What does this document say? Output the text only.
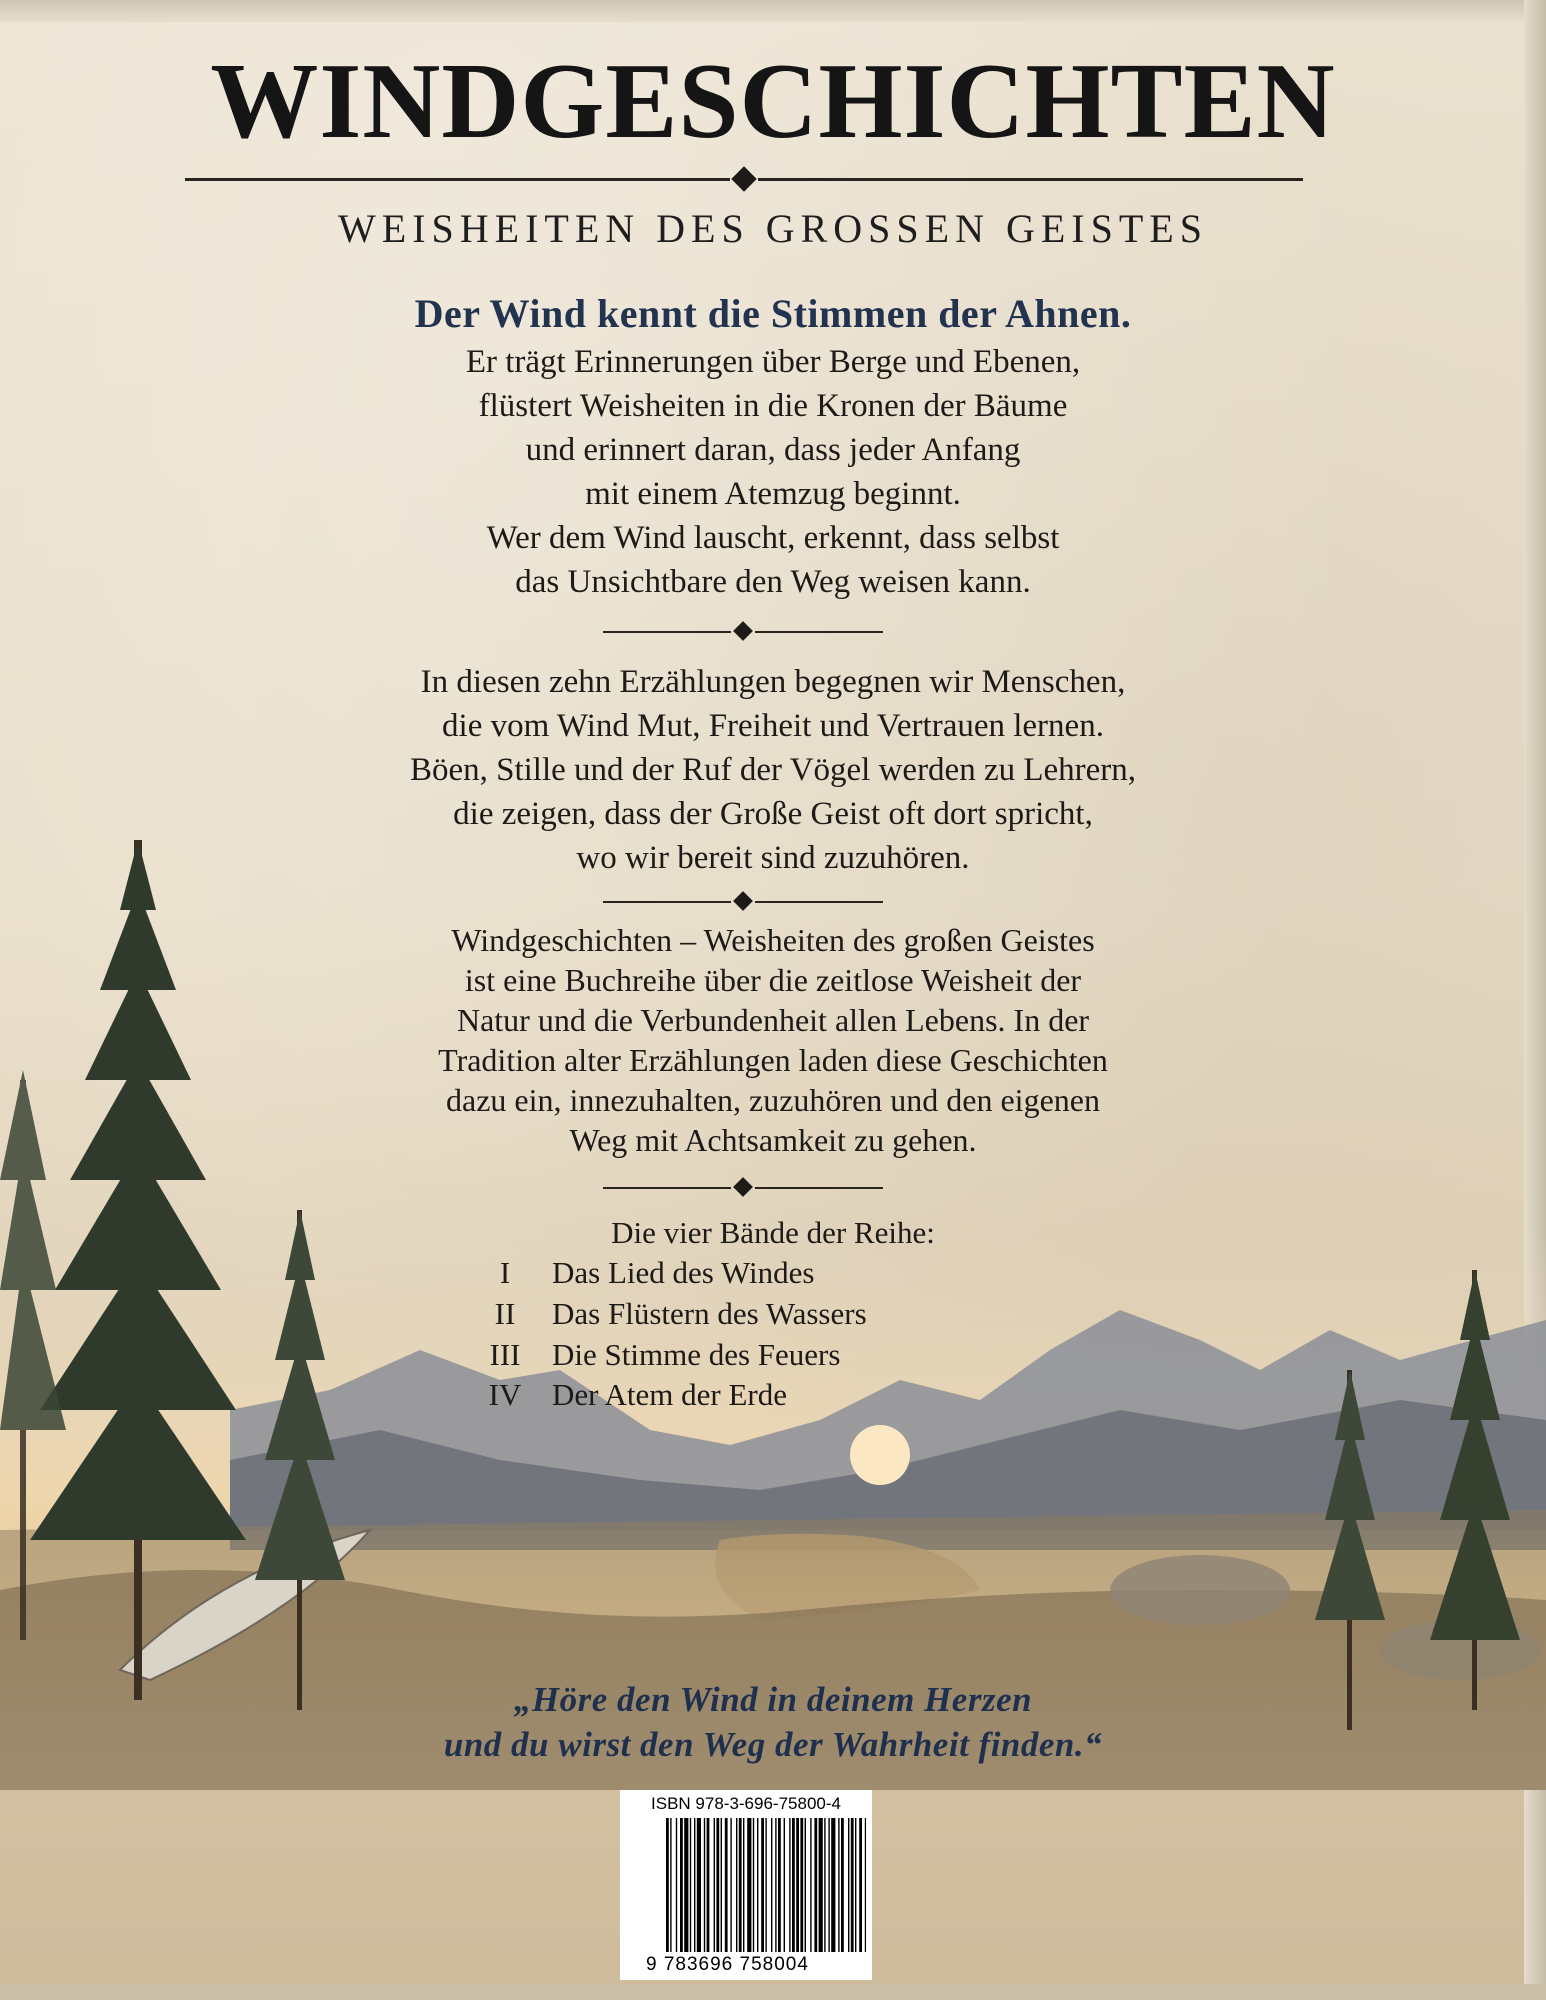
WINDGESCHICHTEN
WEISHEITEN DES GROSSEN GEISTES
Der Wind kennt die Stimmen der Ahnen.
Er trägt Erinnerungen über Berge und Ebenen,
flüstert Weisheiten in die Kronen der Bäume
und erinnert daran, dass jeder Anfang
mit einem Atemzug beginnt.
Wer dem Wind lauscht, erkennt, dass selbst
das Unsichtbare den Weg weisen kann.
In diesen zehn Erzählungen begegnen wir Menschen,
die vom Wind Mut, Freiheit und Vertrauen lernen.
Böen, Stille und der Ruf der Vögel werden zu Lehrern,
die zeigen, dass der Große Geist oft dort spricht,
wo wir bereit sind zuzuhören.
Windgeschichten – Weisheiten des großen Geistes
ist eine Buchreihe über die zeitlose Weisheit der
Natur und die Verbundenheit allen Lebens. In der
Tradition alter Erzählungen laden diese Geschichten
dazu ein, innezuhalten, zuzuhören und den eigenen
Weg mit Achtsamkeit zu gehen.
Die vier Bände der Reihe:
I	Das Lied des Windes
II	Das Flüstern des Wassers
III	Die Stimme des Feuers
IV Der Atem der Erde
„Höre den Wind in deinem Herzen
und du wirst den Weg der Wahrheit finden.“
ISBN 978-3-696-75800-4
9 783696 758004
